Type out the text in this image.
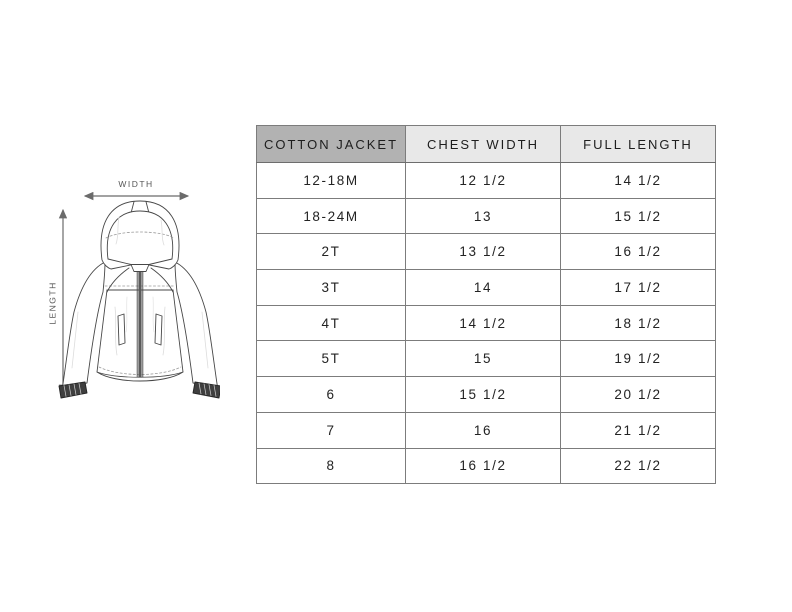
WIDTH
LENGTH
COTTON JACKET	CHEST WIDTH	FULL LENGTH
12-18M	12 1/2	14 1/2
18-24M	13	15 1/2
2T	13 1/2	16 1/2
3T	14	17 1/2
4T	14 1/2	18 1/2
5T	15	19 1/2
6	15 1/2	20 1/2
7	16	21 1/2
8	16 1/2	22 1/2
